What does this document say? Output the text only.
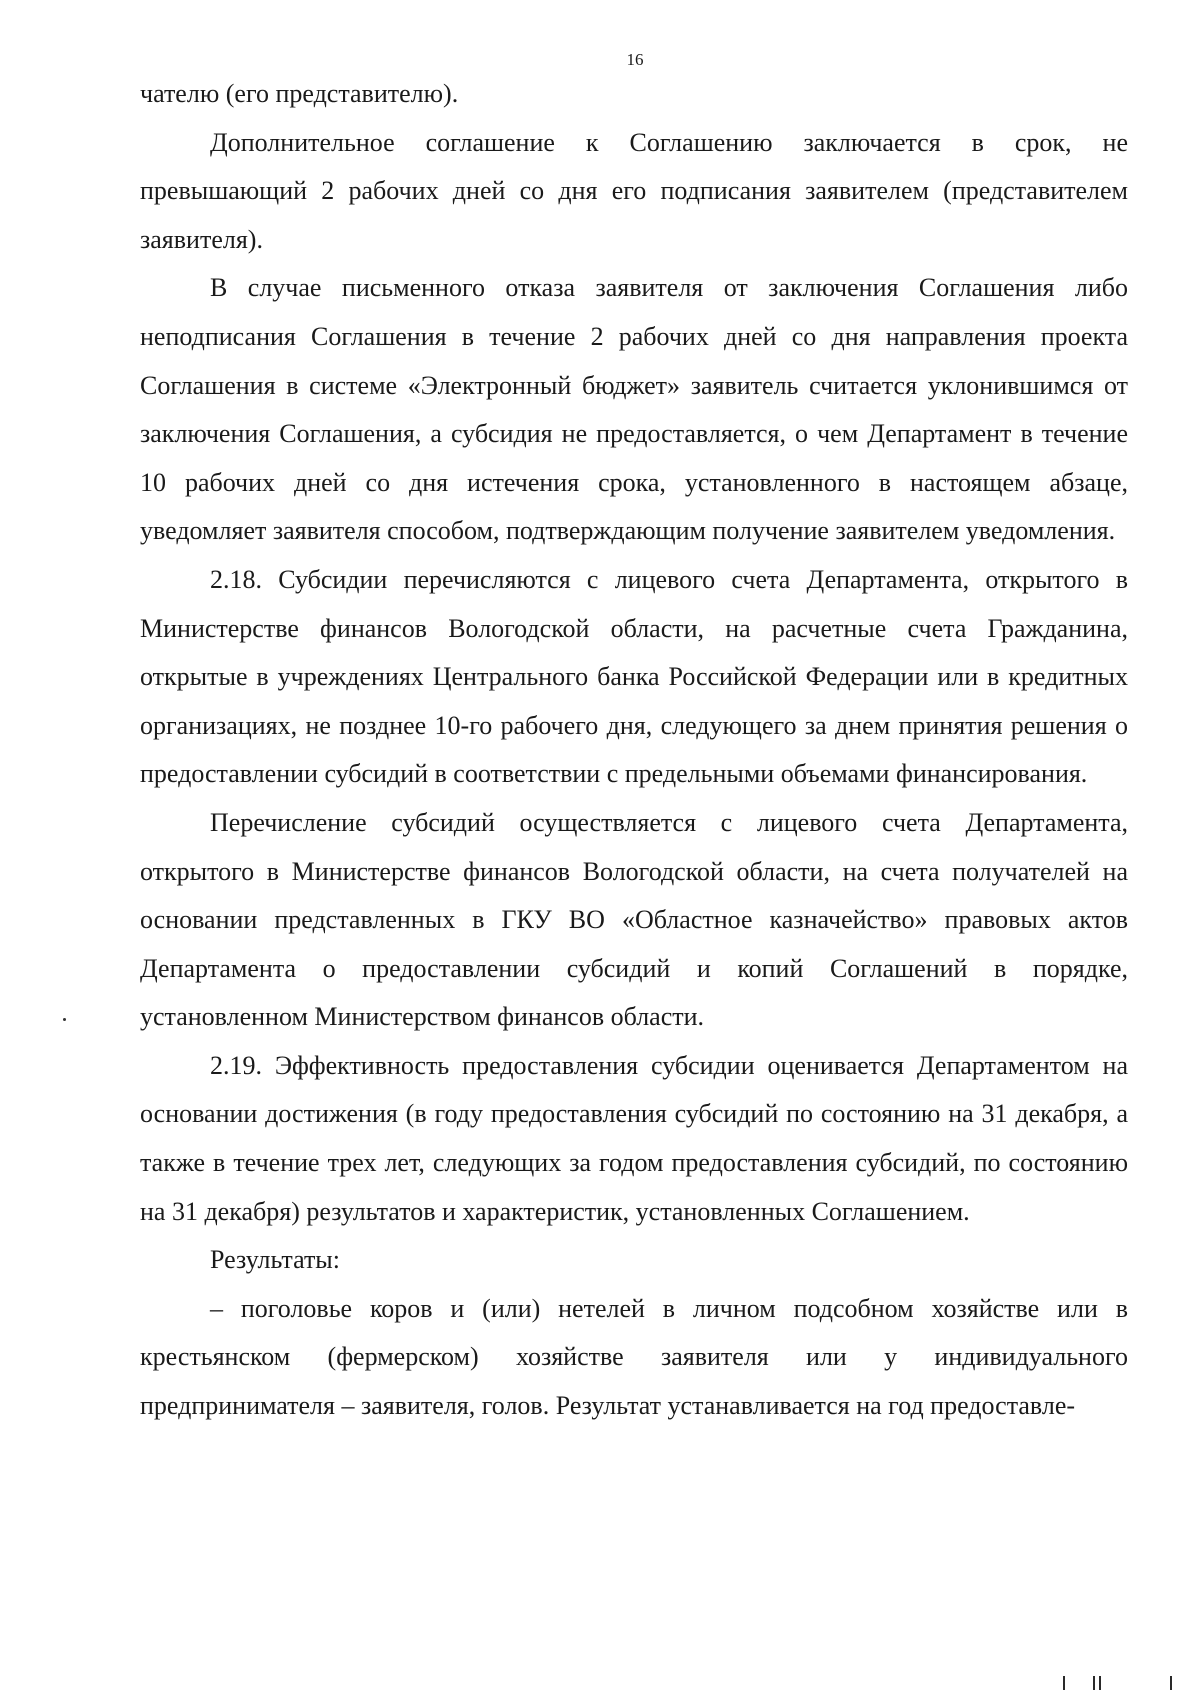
16

чателю (его представителю).

Дополнительное соглашение к Соглашению заключается в срок, не превышающий 2 рабочих дней со дня его подписания заявителем (представителем заявителя).

В случае письменного отказа заявителя от заключения Соглашения либо неподписания Соглашения в течение 2 рабочих дней со дня направления проекта Соглашения в системе «Электронный бюджет» заявитель считается уклонившимся от заключения Соглашения, а субсидия не предоставляется, о чем Департамент в течение 10 рабочих дней со дня истечения срока, установленного в настоящем абзаце, уведомляет заявителя способом, подтверждающим получение заявителем уведомления.

2.18. Субсидии перечисляются с лицевого счета Департамента, открытого в Министерстве финансов Вологодской области, на расчетные счета Гражданина, открытые в учреждениях Центрального банка Российской Федерации или в кредитных организациях, не позднее 10-го рабочего дня, следующего за днем принятия решения о предоставлении субсидий в соответствии с предельными объемами финансирования.

Перечисление субсидий осуществляется с лицевого счета Департамента, открытого в Министерстве финансов Вологодской области, на счета получателей на основании представленных в ГКУ ВО «Областное казначейство» правовых актов Департамента о предоставлении субсидий и копий Соглашений в порядке, установленном Министерством финансов области.

2.19. Эффективность предоставления субсидии оценивается Департаментом на основании достижения (в году предоставления субсидий по состоянию на 31 декабря, а также в течение трех лет, следующих за годом предоставления субсидий, по состоянию на 31 декабря) результатов и характеристик, установленных Соглашением.

Результаты:

– поголовье коров и (или) нетелей в личном подсобном хозяйстве или в крестьянском (фермерском) хозяйстве заявителя или у индивидуального предпринимателя – заявителя, голов. Результат устанавливается на год предоставле-
